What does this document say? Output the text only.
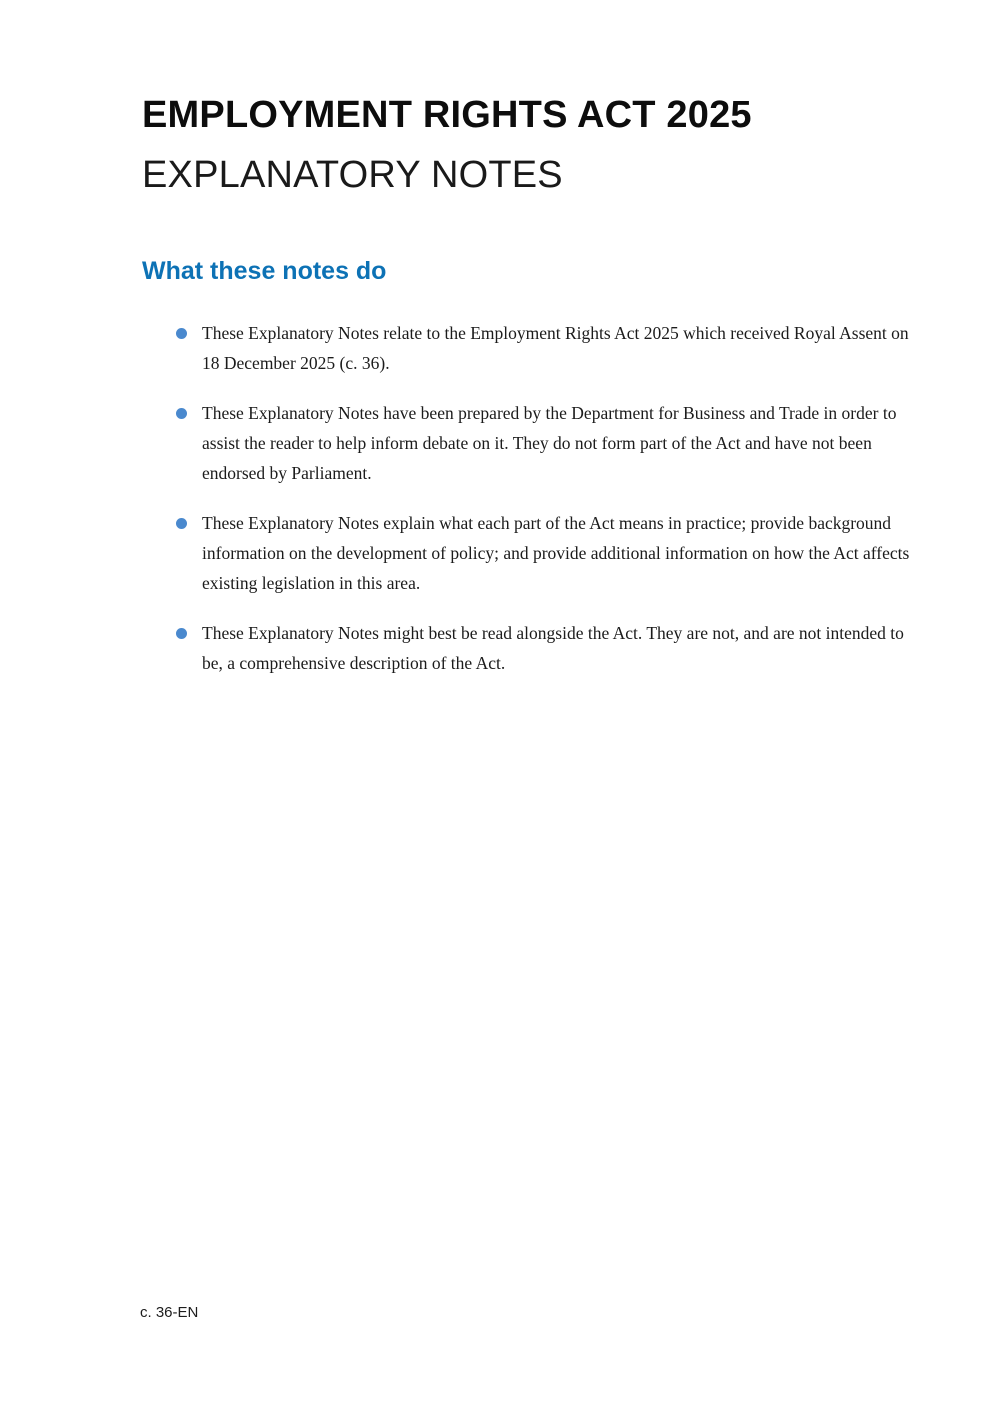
EMPLOYMENT RIGHTS ACT 2025
EXPLANATORY NOTES
What these notes do
These Explanatory Notes relate to the Employment Rights Act 2025 which received Royal Assent on 18 December 2025 (c. 36).
These Explanatory Notes have been prepared by the Department for Business and Trade in order to assist the reader to help inform debate on it. They do not form part of the Act and have not been endorsed by Parliament.
These Explanatory Notes explain what each part of the Act means in practice; provide background information on the development of policy; and provide additional information on how the Act affects existing legislation in this area.
These Explanatory Notes might best be read alongside the Act. They are not, and are not intended to be, a comprehensive description of the Act.
c. 36-EN
